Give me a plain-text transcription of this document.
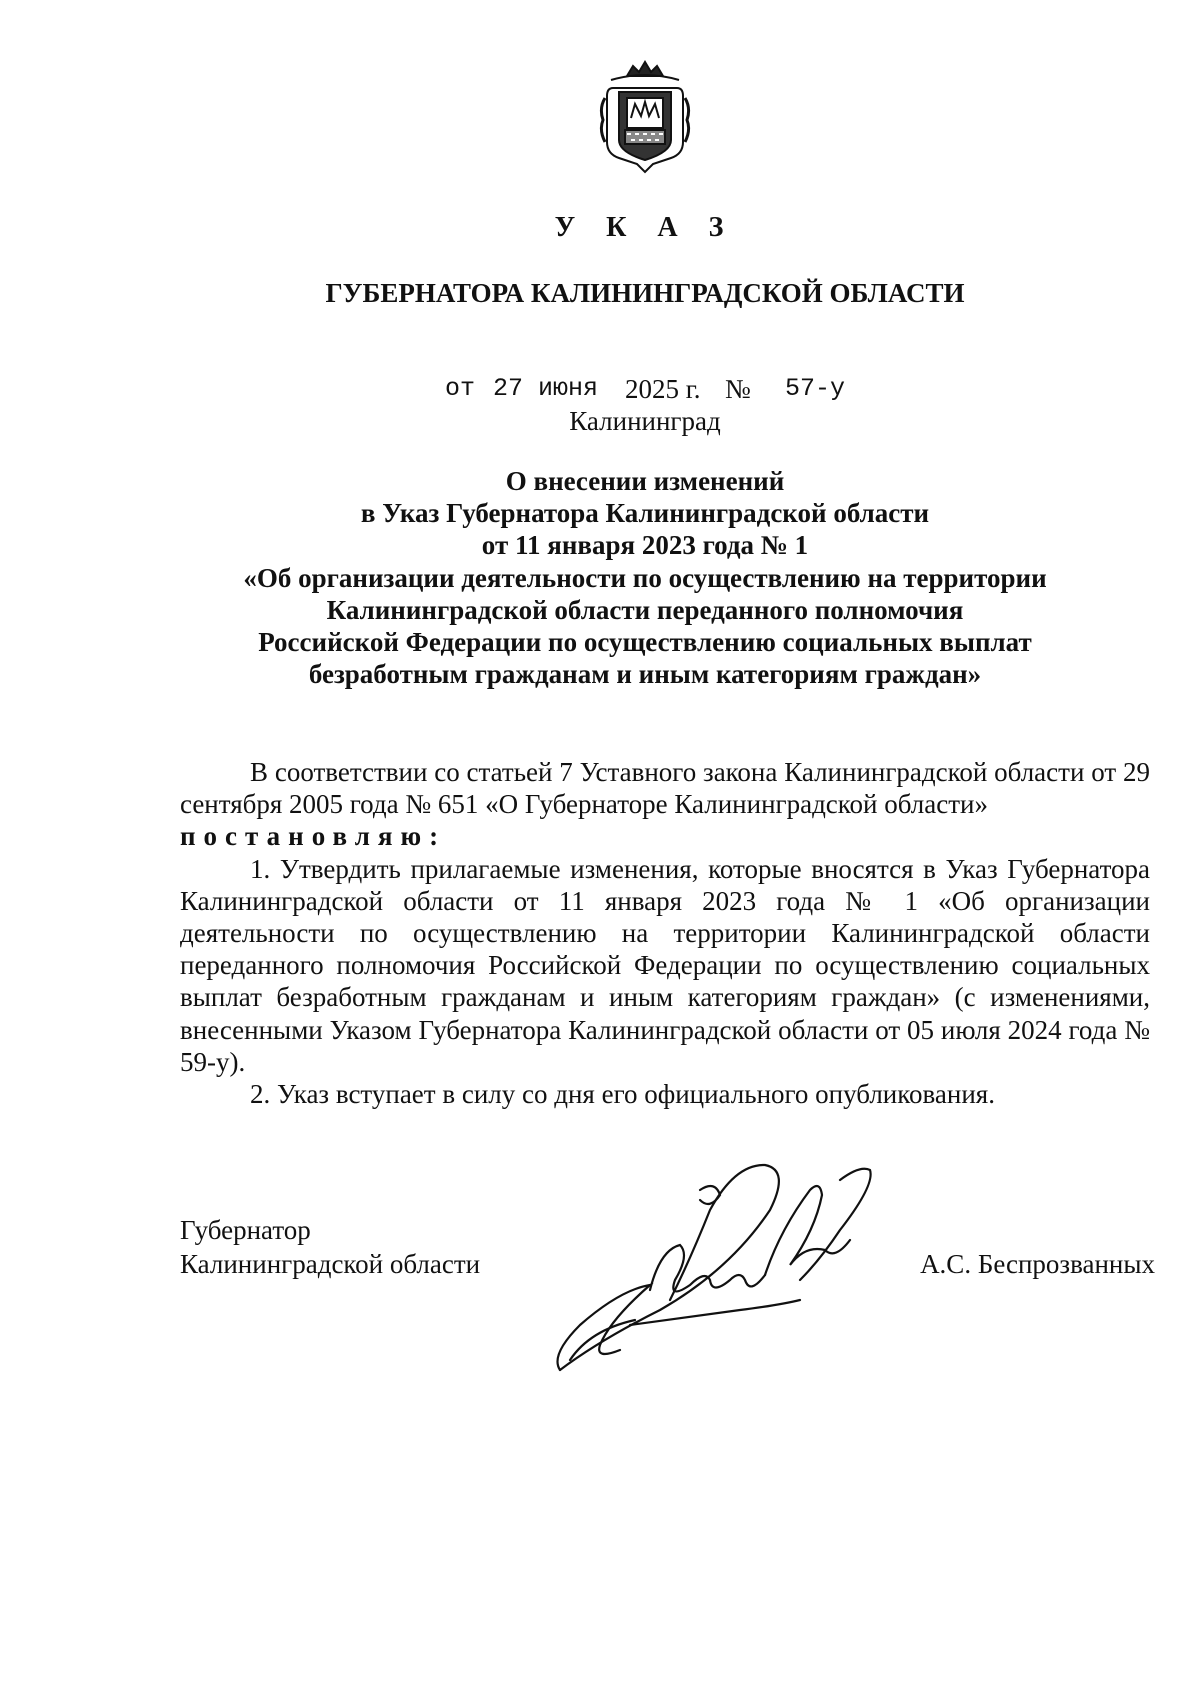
У К А З
ГУБЕРНАТОРА КАЛИНИНГРАДСКОЙ ОБЛАСТИ
от 27 июня 2025 г. № 57-у
Калининград
О внесении изменений
в Указ Губернатора Калининградской области
от 11 января 2023 года № 1
«Об организации деятельности по осуществлению на территории
Калининградской области переданного полномочия
Российской Федерации по осуществлению социальных выплат
безработным гражданам и иным категориям граждан»

В соответствии со статьей 7 Уставного закона Калининградской области от 29 сентября 2005 года № 651 «О Губернаторе Калининградской области»

постановляю:

1. Утвердить прилагаемые изменения, которые вносятся в Указ Губернатора Калининградской области от 11 января 2023 года № 1 «Об организации деятельности по осуществлению на территории Калининградской области переданного полномочия Российской Федерации по осуществлению социальных выплат безработным гражданам и иным категориям граждан» (с изменениями, внесенными Указом Губернатора Калининградской области от 05 июля 2024 года № 59-у).

2. Указ вступает в силу со дня его официального опубликования.

Губернатор
Калининградской области	А.С. Беспрозванных
